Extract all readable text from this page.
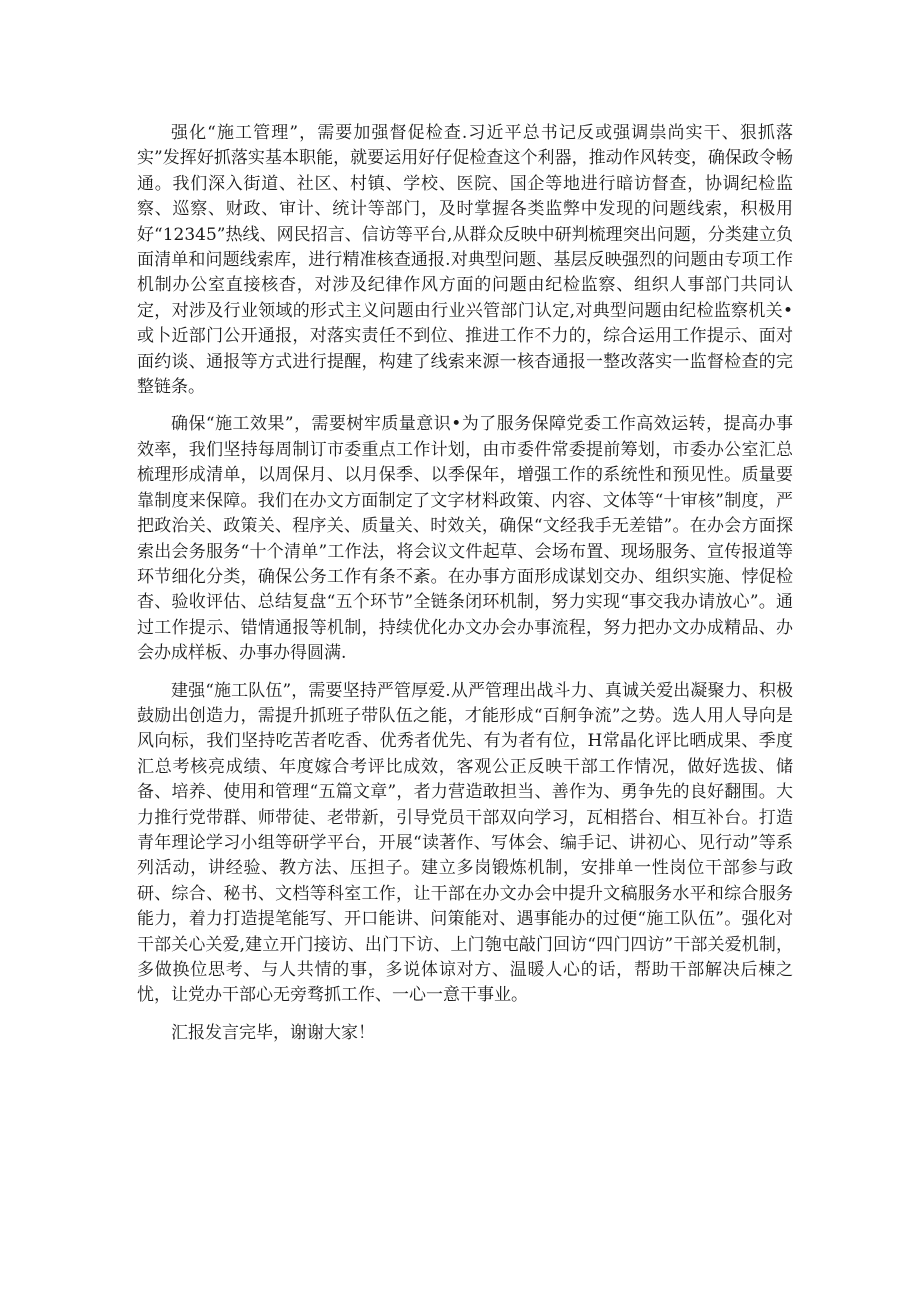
强化“施工管理”，需要加强督促检查.习近平总书记反或强调祟尚实干、狠抓落实”发挥好抓落实基本职能，就要运用好仔促检查这个利器，推动作风转变，确保政令畅通。我们深入街道、社区、村镇、学校、医院、国企等地进行暗访督查，协调纪检监察、巡察、财政、审计、统计等部门，及时掌握各类监弊中发现的问题线索，积极用好“12345”热线、网民招言、信访等平台,从群众反映中研判梳理突出问题，分类建立负面清单和问题线索库，进行精准核查通报.对典型问题、基层反映强烈的问题由专项工作机制办公室直接核杳，对涉及纪律作风方面的问题由纪检监察、组织人事部门共同认定，对涉及行业领域的形式主义问题由行业兴管部门认定,对典型问题由纪检监察机关•或卜近部门公开通报，对落实责任不到位、推进工作不力的，综合运用工作提示、面对面约谈、通报等方式进行提醒，构建了线索来源一核杳通报一整改落实一监督检查的完整链条。

确保“施工效果”，需要树牢质量意识•为了服务保障党委工作高效运转，提高办事效率，我们坚持每周制订市委重点工作计划，由市委件常委提前筹划，市委办公室汇总梳理形成清单，以周保月、以月保季、以季保年，增强工作的系统性和预见性。质量要靠制度来保障。我们在办文方面制定了文字材料政策、内容、文体等“十审核”制度，严把政治关、政策关、程序关、质量关、时效关，确保“文经我手无差错”。在办会方面探索出会务服务“十个清单”工作法，将会议文件起草、会场布置、现场服务、宣传报道等环节细化分类，确保公务工作有条不紊。在办事方面形成谋划交办、组织实施、悖促检杳、验收评估、总结复盘“五个环节”全链条闭环机制，努力实现“事交我办请放心”。通过工作提示、错情通报等机制，持续优化办文办会办事流程，努力把办文办成精品、办会办成样板、办事办得圆满.

建强“施工队伍”，需要坚持严管厚爱.从严管理出战斗力、真诚关爱出凝聚力、积极鼓励出创造力，需提升抓班子带队伍之能，才能形成“百舸争流”之势。选人用人导向是风向标，我们坚持吃苦者吃香、优秀者优先、有为者有位，H常晶化评比晒成果、季度汇总考核亮成绩、年度嫁合考评比成效，客观公正反映干部工作情况，做好选拔、储备、培养、使用和管理“五篇文章”，者力营造敢担当、善作为、勇争先的良好翻围。大力推行党带群、师带徒、老带新，引导党员干部双向学习，瓦相搭台、相互补台。打造青年理论学习小组等研学平台，开展“读著作、写体会、编手记、讲初心、见行动”等系列活动，讲经验、教方法、压担子。建立多岗锻炼机制，安排单一性岗位干部参与政研、综合、秘书、文档等科室工作，让干部在办文办会中提升文稿服务水平和综合服务能力，着力打造提笔能写、开口能讲、问策能对、遇事能办的过便“施工队伍”。强化对干部关心关爱,建立开门接访、出门下访、上门匏屯敲门回访“四门四访”干部关爱机制，多做换位思考、与人共情的事，多说体谅对方、温暖人心的话，帮助干部解决后棟之忧，让党办干部心无旁骛抓工作、一心一意干事业。

汇报发言完毕，谢谢大家！
